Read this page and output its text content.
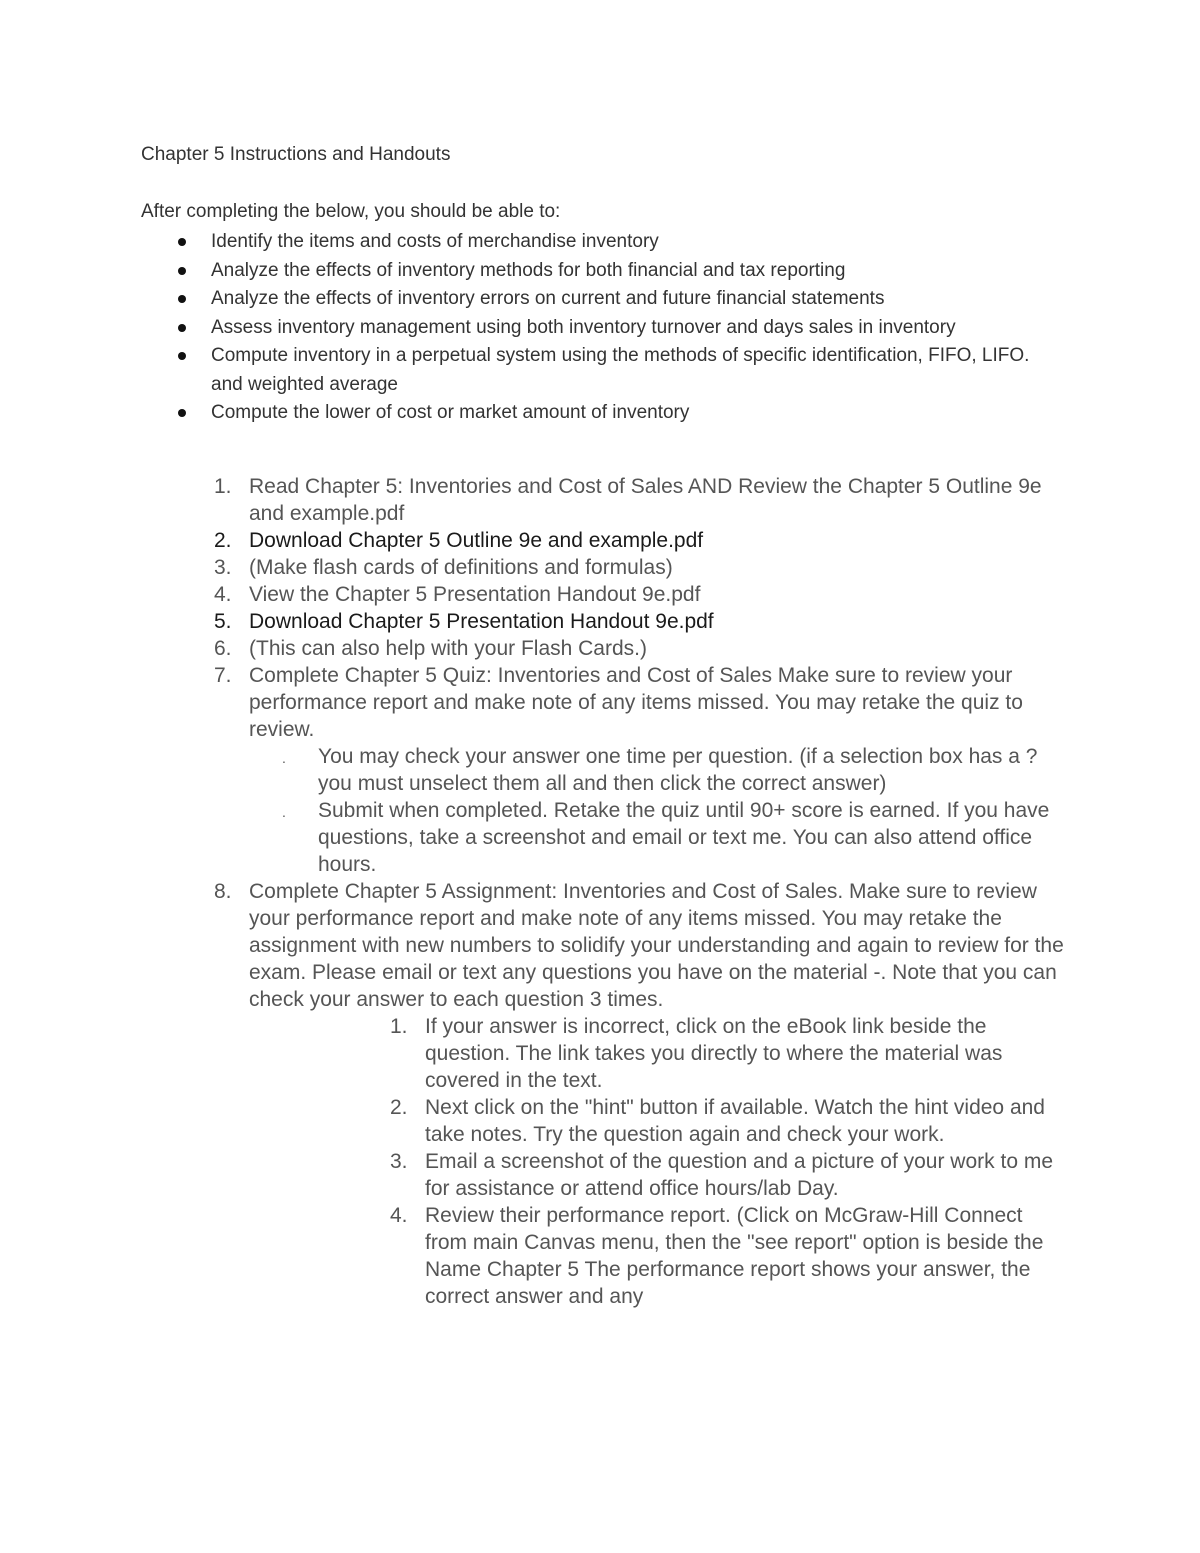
Chapter 5 Instructions and Handouts

After completing the below, you should be able to:

Identify the items and costs of merchandise inventory
Analyze the effects of inventory methods for both financial and tax reporting
Analyze the effects of inventory errors on current and future financial statements
Assess inventory management using both inventory turnover and days sales in inventory
Compute inventory in a perpetual system using the methods of specific identification, FIFO, LIFO. and weighted average
Compute the lower of cost or market amount of inventory
1. Read Chapter 5: Inventories and Cost of Sales AND Review the Chapter 5 Outline 9e and example.pdf
2. Download Chapter 5 Outline 9e and example.pdf
3. (Make flash cards of definitions and formulas)
4. View the Chapter 5 Presentation Handout 9e.pdf
5. Download Chapter 5 Presentation Handout 9e.pdf
6. (This can also help with your Flash Cards.)
7. Complete Chapter 5 Quiz: Inventories and Cost of Sales Make sure to review your performance report and make note of any items missed. You may retake the quiz to review.
. You may check your answer one time per question. (if a selection box has a ? you must unselect them all and then click the correct answer)
. Submit when completed. Retake the quiz until 90+ score is earned. If you have questions, take a screenshot and email or text me. You can also attend office hours.
8. Complete Chapter 5 Assignment: Inventories and Cost of Sales. Make sure to review your performance report and make note of any items missed. You may retake the assignment with new numbers to solidify your understanding and again to review for the exam. Please email or text any questions you have on the material -. Note that you can check your answer to each question 3 times.
1. If your answer is incorrect, click on the eBook link beside the question. The link takes you directly to where the material was covered in the text.
2. Next click on the "hint" button if available. Watch the hint video and take notes. Try the question again and check your work.
3. Email a screenshot of the question and a picture of your work to me for assistance or attend office hours/lab Day.
4. Review their performance report. (Click on McGraw-Hill Connect from main Canvas menu, then the "see report" option is beside the Name Chapter 5 The performance report shows your answer, the correct answer and any
